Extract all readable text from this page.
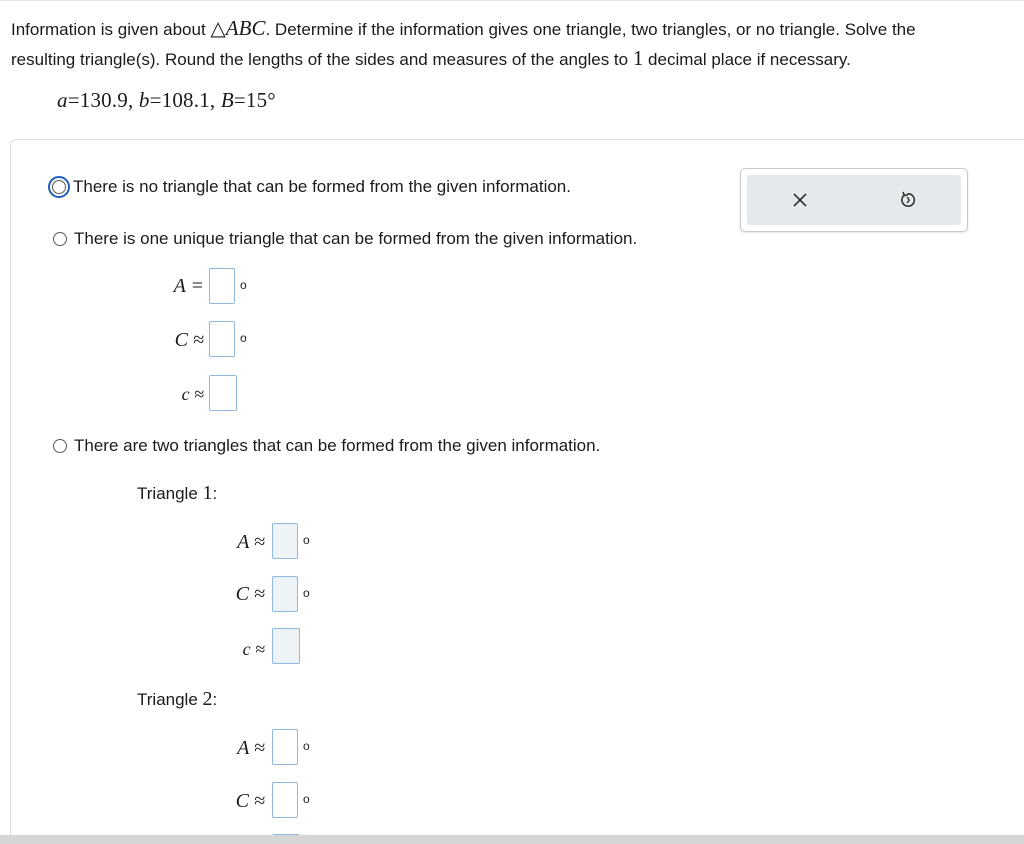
Information is given about △ABC. Determine if the information gives one triangle, two triangles, or no triangle. Solve the
resulting triangle(s). Round the lengths of the sides and measures of the angles to 1 decimal place if necessary.
a=130.9, b=108.1, B=15°
There is no triangle that can be formed from the given information.
There is one unique triangle that can be formed from the given information.
A =	o
C ≈	o
c ≈
There are two triangles that can be formed from the given information.
Triangle 1:
A ≈	o
C ≈	o
c ≈
Triangle 2:
A ≈	o
C ≈	o
